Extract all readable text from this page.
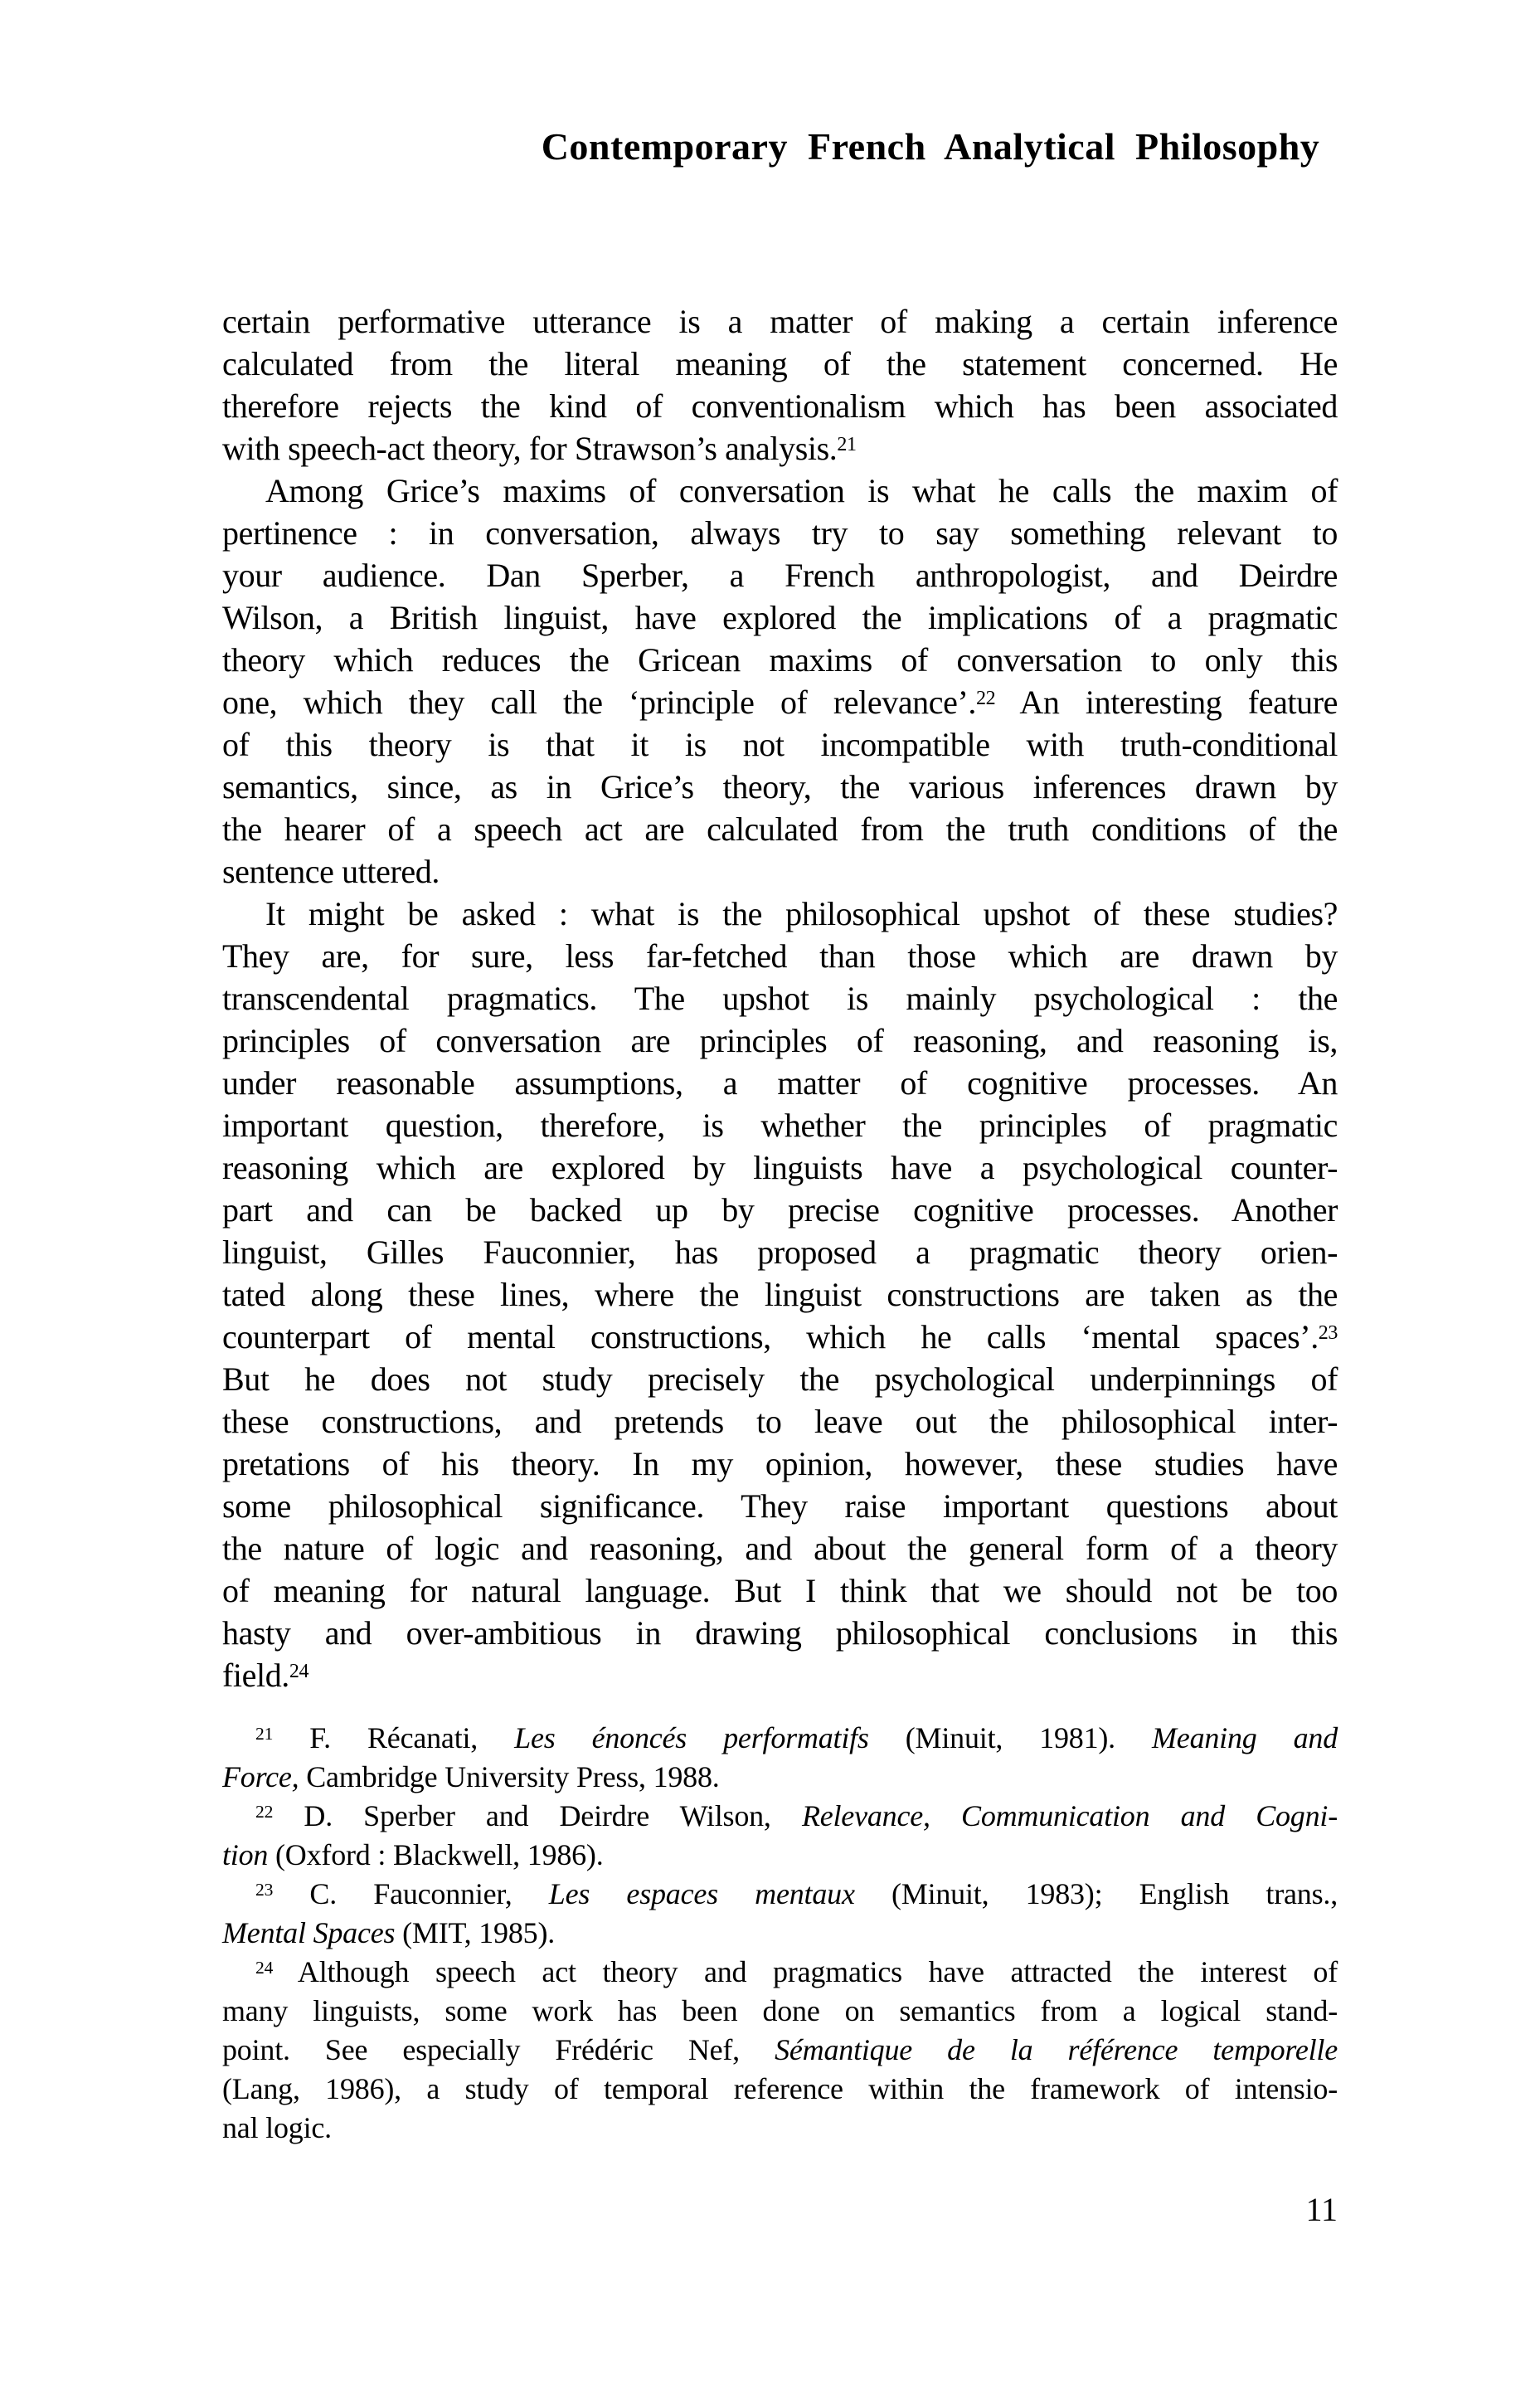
Contemporary French Analytical Philosophy
certain performative utterance is a matter of making a certain inference
calculated from the literal meaning of the statement concerned. He
therefore rejects the kind of conventionalism which has been associated
with speech-act theory, for Strawson’s analysis.$^{21}$
Among Grice’s maxims of conversation is what he calls the maxim of
pertinence : in conversation, always try to say something relevant to
your audience. Dan Sperber, a French anthropologist, and Deirdre
Wilson, a British linguist, have explored the implications of a pragmatic
theory which reduces the Gricean maxims of conversation to only this
one, which they call the ‘principle of relevance’.$^{22}$ An interesting feature
of this theory is that it is not incompatible with truth-conditional
semantics, since, as in Grice’s theory, the various inferences drawn by
the hearer of a speech act are calculated from the truth conditions of the
sentence uttered.
It might be asked : what is the philosophical upshot of these studies?
They are, for sure, less far-fetched than those which are drawn by
transcendental pragmatics. The upshot is mainly psychological : the
principles of conversation are principles of reasoning, and reasoning is,
under reasonable assumptions, a matter of cognitive processes. An
important question, therefore, is whether the principles of pragmatic
reasoning which are explored by linguists have a psychological counter-
part and can be backed up by precise cognitive processes. Another
linguist, Gilles Fauconnier, has proposed a pragmatic theory orien-
tated along these lines, where the linguist constructions are taken as the
counterpart of mental constructions, which he calls ‘mental spaces’.$^{23}$
But he does not study precisely the psychological underpinnings of
these constructions, and pretends to leave out the philosophical inter-
pretations of his theory. In my opinion, however, these studies have
some philosophical significance. They raise important questions about
the nature of logic and reasoning, and about the general form of a theory
of meaning for natural language. But I think that we should not be too
hasty and over-ambitious in drawing philosophical conclusions in this
field.$^{24}$
$^{21}$ F. Récanati, Les énoncés performatifs (Minuit, 1981). Meaning and
Force, Cambridge University Press, 1988.
$^{22}$ D. Sperber and Deirdre Wilson, Relevance, Communication and Cogni-
tion (Oxford : Blackwell, 1986).
$^{23}$ C. Fauconnier, Les espaces mentaux (Minuit, 1983); English trans.,
Mental Spaces (MIT, 1985).
$^{24}$ Although speech act theory and pragmatics have attracted the interest of
many linguists, some work has been done on semantics from a logical stand-
point. See especially Frédéric Nef, Sémantique de la référence temporelle
(Lang, 1986), a study of temporal reference within the framework of intensio-
nal logic.
11
